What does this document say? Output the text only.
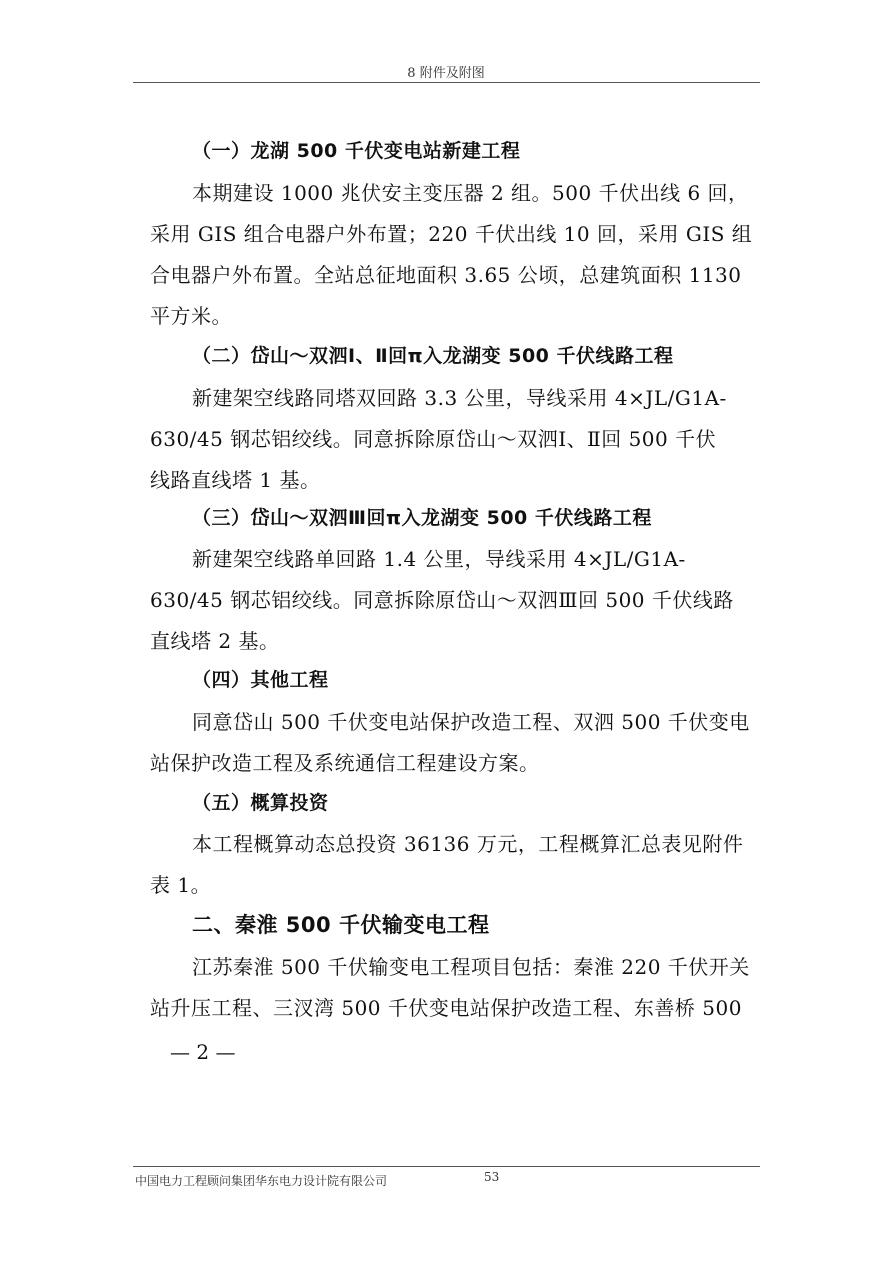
8 附件及附图
（一）龙湖 500 千伏变电站新建工程
本期建设 1000 兆伏安主变压器 2 组。500 千伏出线 6 回，
采用 GIS 组合电器户外布置；220 千伏出线 10 回，采用 GIS 组
合电器户外布置。全站总征地面积 3.65 公顷，总建筑面积 1130
平方米。
（二）岱山～双泗Ⅰ、Ⅱ回π入龙湖变 500 千伏线路工程
新建架空线路同塔双回路 3.3 公里，导线采用 4×JL/G1A-
630/45 钢芯铝绞线。同意拆除原岱山～双泗Ⅰ、Ⅱ回 500 千伏
线路直线塔 1 基。
（三）岱山～双泗Ⅲ回π入龙湖变 500 千伏线路工程
新建架空线路单回路 1.4 公里，导线采用 4×JL/G1A-
630/45 钢芯铝绞线。同意拆除原岱山～双泗Ⅲ回 500 千伏线路
直线塔 2 基。
（四）其他工程
同意岱山 500 千伏变电站保护改造工程、双泗 500 千伏变电
站保护改造工程及系统通信工程建设方案。
（五）概算投资
本工程概算动态总投资 36136 万元，工程概算汇总表见附件
表 1。
二、秦淮 500 千伏输变电工程
江苏秦淮 500 千伏输变电工程项目包括：秦淮 220 千伏开关
站升压工程、三汊湾 500 千伏变电站保护改造工程、东善桥 500
— 2 —
中国电力工程顾问集团华东电力设计院有限公司	53
